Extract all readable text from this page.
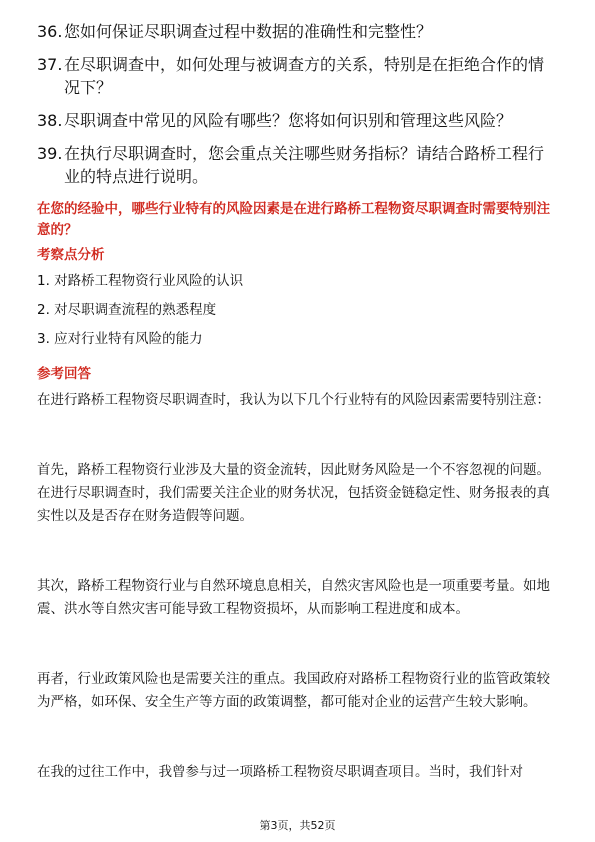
36. 您如何保证尽职调查过程中数据的准确性和完整性？
37. 在尽职调查中，如何处理与被调查方的关系，特别是在拒绝合作的情况下？
38. 尽职调查中常见的风险有哪些？您将如何识别和管理这些风险？
39. 在执行尽职调查时，您会重点关注哪些财务指标？请结合路桥工程行业的特点进行说明。
在您的经验中，哪些行业特有的风险因素是在进行路桥工程物资尽职调查时需要特别注意的？
考察点分析
1. 对路桥工程物资行业风险的认识
2. 对尽职调查流程的熟悉程度
3. 应对行业特有风险的能力
参考回答

在进行路桥工程物资尽职调查时，我认为以下几个行业特有的风险因素需要特别注意：

首先，路桥工程物资行业涉及大量的资金流转，因此财务风险是一个不容忽视的问题。在进行尽职调查时，我们需要关注企业的财务状况，包括资金链稳定性、财务报表的真实性以及是否存在财务造假等问题。

其次，路桥工程物资行业与自然环境息息相关，自然灾害风险也是一项重要考量。如地震、洪水等自然灾害可能导致工程物资损坏，从而影响工程进度和成本。

再者，行业政策风险也是需要关注的重点。我国政府对路桥工程物资行业的监管政策较为严格，如环保、安全生产等方面的政策调整，都可能对企业的运营产生较大影响。

在我的过往工作中，我曾参与过一项路桥工程物资尽职调查项目。当时，我们针对

第3页，共52页
